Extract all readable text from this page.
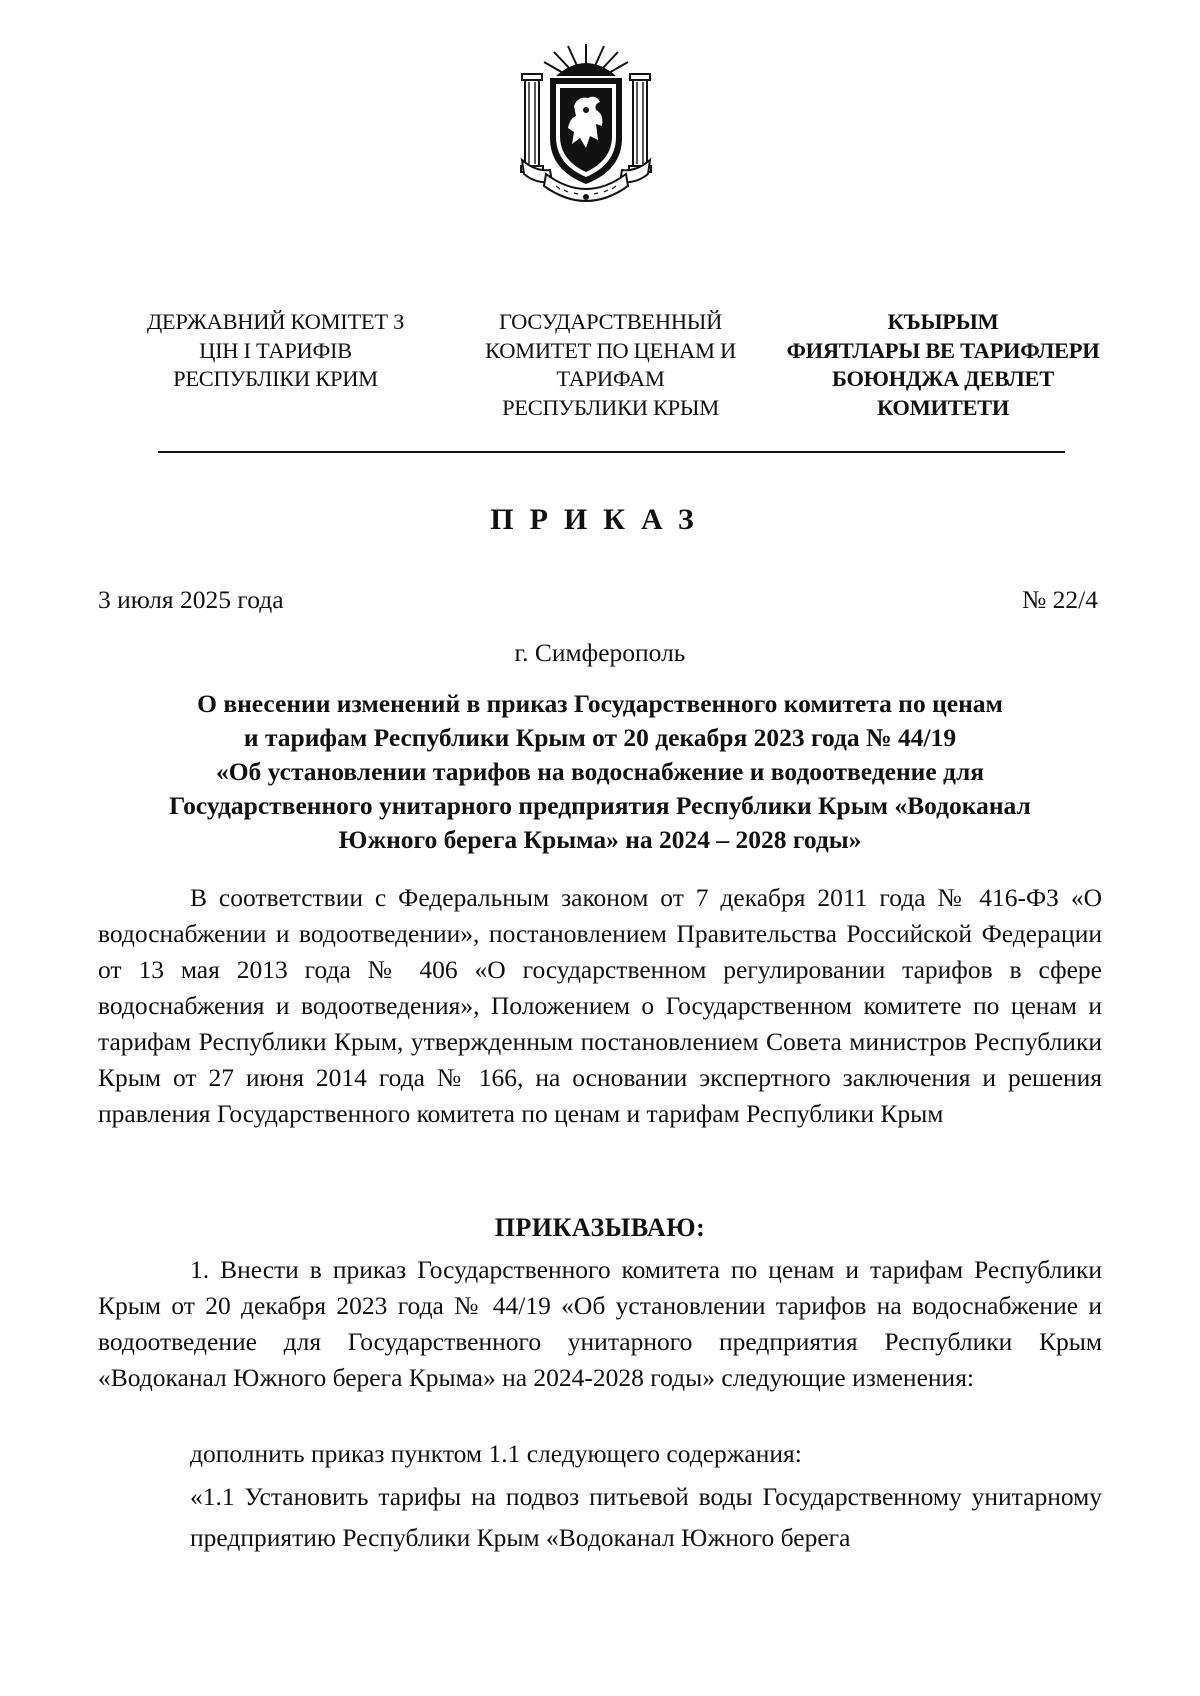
ДЕРЖАВНИЙ КОМІТЕТ З
ЦІН І ТАРИФІВ
РЕСПУБЛІКИ КРИМ
ГОСУДАРСТВЕННЫЙ
КОМИТЕТ ПО ЦЕНАМ И
ТАРИФАМ
РЕСПУБЛИКИ КРЫМ
КЪЫРЫМ
ФИЯТЛАРЫ ВЕ ТАРИФЛЕРИ
БОЮНДЖА ДЕВЛЕТ
КОМИТЕТИ
ПРИКАЗ
3 июля 2025 года	№ 22/4
г. Симферополь
О внесении изменений в приказ Государственного комитета по ценам
и тарифам Республики Крым от 20 декабря 2023 года № 44/19
«Об установлении тарифов на водоснабжение и водоотведение для
Государственного унитарного предприятия Республики Крым «Водоканал
Южного берега Крыма» на 2024 – 2028 годы»

В соответствии с Федеральным законом от 7 декабря 2011 года № 416-ФЗ «О водоснабжении и водоотведении», постановлением Правительства Российской Федерации от 13 мая 2013 года № 406 «О государственном регулировании тарифов в сфере водоснабжения и водоотведения», Положением о Государственном комитете по ценам и тарифам Республики Крым, утвержденным постановлением Совета министров Республики Крым от 27 июня 2014 года № 166, на основании экспертного заключения и решения правления Государственного комитета по ценам и тарифам Республики Крым

ПРИКАЗЫВАЮ:

1. Внести в приказ Государственного комитета по ценам и тарифам Республики Крым от 20 декабря 2023 года № 44/19 «Об установлении тарифов на водоснабжение и водоотведение для Государственного унитарного предприятия Республики Крым «Водоканал Южного берега Крыма» на 2024-2028 годы» следующие изменения:

дополнить приказ пунктом 1.1 следующего содержания:

«1.1 Установить тарифы на подвоз питьевой воды Государственному унитарному предприятию Республики Крым «Водоканал Южного берега
